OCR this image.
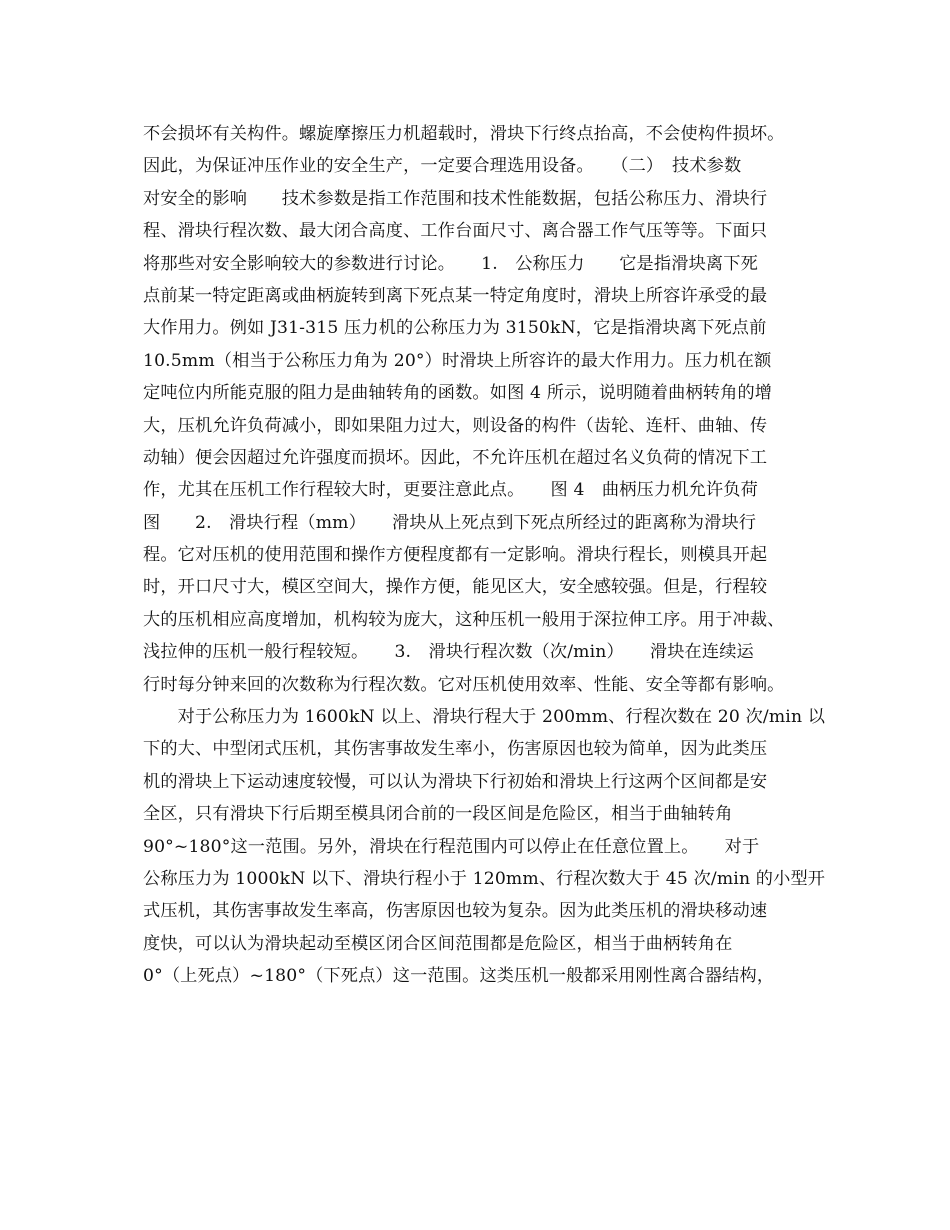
不会损坏有关构件。螺旋摩擦压力机超载时，滑块下行终点抬高，不会使构件损坏。
因此，为保证冲压作业的安全生产，一定要合理选用设备。　　（二）　技术参数
对安全的影响　　技术参数是指工作范围和技术性能数据，包括公称压力、滑块行
程、滑块行程次数、最大闭合高度、工作台面尺寸、离合器工作气压等等。下面只
将那些对安全影响较大的参数进行讨论。　　1.　公称压力　　它是指滑块离下死
点前某一特定距离或曲柄旋转到离下死点某一特定角度时，滑块上所容许承受的最
大作用力。例如 J31-315 压力机的公称压力为 3150kN，它是指滑块离下死点前
10.5mm（相当于公称压力角为 20°）时滑块上所容许的最大作用力。压力机在额
定吨位内所能克服的阻力是曲轴转角的函数。如图 4 所示，说明随着曲柄转角的增
大，压机允许负荷减小，即如果阻力过大，则设备的构件（齿轮、连杆、曲轴、传
动轴）便会因超过允许强度而损坏。因此，不允许压机在超过名义负荷的情况下工
作，尤其在压机工作行程较大时，更要注意此点。　　图 4　曲柄压力机允许负荷
图　　2.　滑块行程（mm）　　滑块从上死点到下死点所经过的距离称为滑块行
程。它对压机的使用范围和操作方便程度都有一定影响。滑块行程长，则模具开起
时，开口尺寸大，模区空间大，操作方便，能见区大，安全感较强。但是，行程较
大的压机相应高度增加，机构较为庞大，这种压机一般用于深拉伸工序。用于冲裁、
浅拉伸的压机一般行程较短。　　3.　滑块行程次数（次/min）　　滑块在连续运
行时每分钟来回的次数称为行程次数。它对压机使用效率、性能、安全等都有影响。
　　对于公称压力为 1600kN 以上、滑块行程大于 200mm、行程次数在 20 次/min 以
下的大、中型闭式压机，其伤害事故发生率小，伤害原因也较为简单，因为此类压
机的滑块上下运动速度较慢，可以认为滑块下行初始和滑块上行这两个区间都是安
全区，只有滑块下行后期至模具闭合前的一段区间是危险区，相当于曲轴转角
90°~180°这一范围。另外，滑块在行程范围内可以停止在任意位置上。　　对于
公称压力为 1000kN 以下、滑块行程小于 120mm、行程次数大于 45 次/min 的小型开
式压机，其伤害事故发生率高，伤害原因也较为复杂。因为此类压机的滑块移动速
度快，可以认为滑块起动至模区闭合区间范围都是危险区，相当于曲柄转角在
0°（上死点）~180°（下死点）这一范围。这类压机一般都采用刚性离合器结构，
